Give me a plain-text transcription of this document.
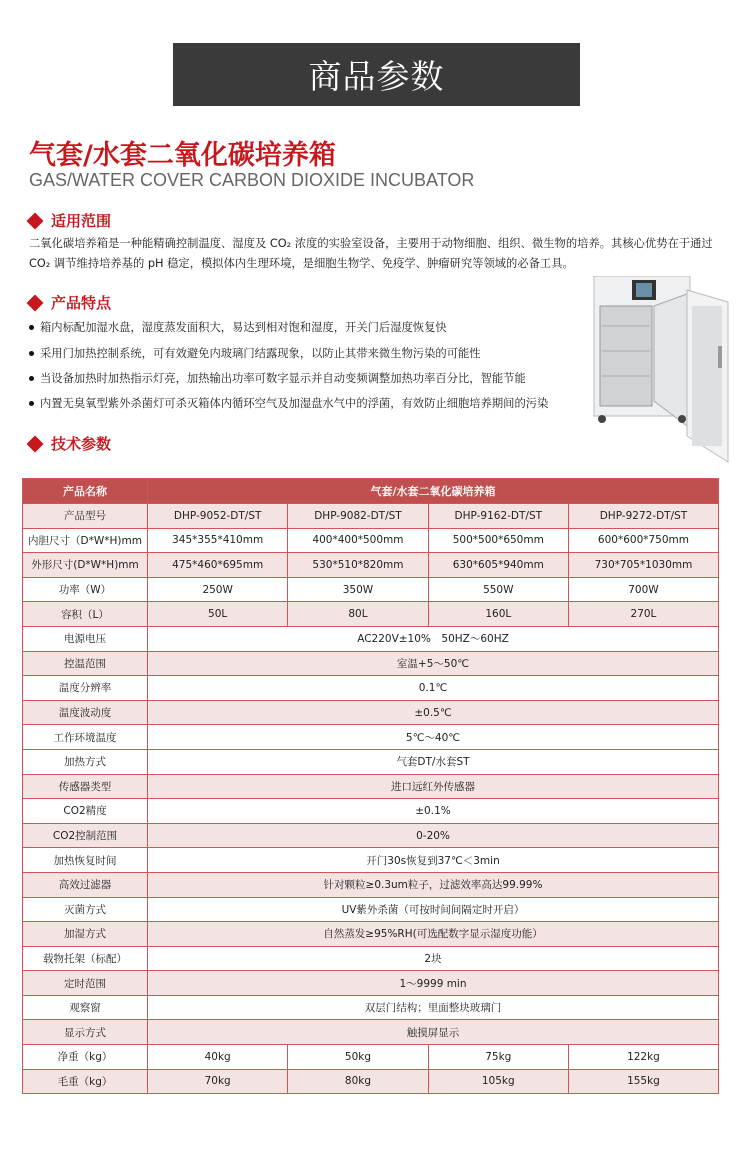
商品参数
气套/水套二氧化碳培养箱
GAS/WATER COVER CARBON DIOXIDE INCUBATOR
适用范围
二氧化碳培养箱是一种能精确控制温度、湿度及 CO₂ 浓度的实验室设备，主要用于动物细胞、组织、微生物的培养。其核心优势在于通过 CO₂ 调节维持培养基的 pH 稳定，模拟体内生理环境，是细胞生物学、免疫学、肿瘤研究等领域的必备工具。
产品特点
箱内标配加湿水盘，湿度蒸发面积大，易达到相对饱和湿度，开关门后湿度恢复快
采用门加热控制系统，可有效避免内玻璃门结露现象，以防止其带来微生物污染的可能性
当设备加热时加热指示灯亮，加热输出功率可数字显示并自动变频调整加热功率百分比，智能节能
内置无臭氧型紫外杀菌灯可杀灭箱体内循环空气及加湿盘水气中的浮菌，有效防止细胞培养期间的污染
技术参数
产品名称	气套/水套二氧化碳培养箱			
产品型号	DHP-9052-DT/ST	DHP-9082-DT/ST	DHP-9162-DT/ST	DHP-9272-DT/ST
内胆尺寸（D*W*H)mm	345*355*410mm	400*400*500mm	500*500*650mm	600*600*750mm
外形尺寸(D*W*H)mm	475*460*695mm	530*510*820mm	630*605*940mm	730*705*1030mm
功率（W）	250W	350W	550W	700W
容积（L）	50L	80L	160L	270L
电源电压	AC220V±10%　50HZ～60HZ			
控温范围	室温+5～50℃			
温度分辨率	0.1℃			
温度波动度	±0.5℃			
工作环境温度	5℃～40℃			
加热方式	气套DT/水套ST			
传感器类型	进口远红外传感器			
CO2精度	±0.1%			
CO2控制范围	0-20%			
加热恢复时间	开门30s恢复到37℃＜3min			
高效过滤器	针对颗粒≥0.3um粒子，过滤效率高达99.99%			
灭菌方式	UV紫外杀菌（可按时间间隔定时开启）			
加湿方式	自然蒸发≥95%RH(可选配数字显示湿度功能）			
载物托架（标配）	2块			
定时范围	1～9999 min			
观察窗	双层门结构；里面整块玻璃门			
显示方式	触摸屏显示			
净重（kg）	40kg	50kg	75kg	122kg
毛重（kg）	70kg	80kg	105kg	155kg
